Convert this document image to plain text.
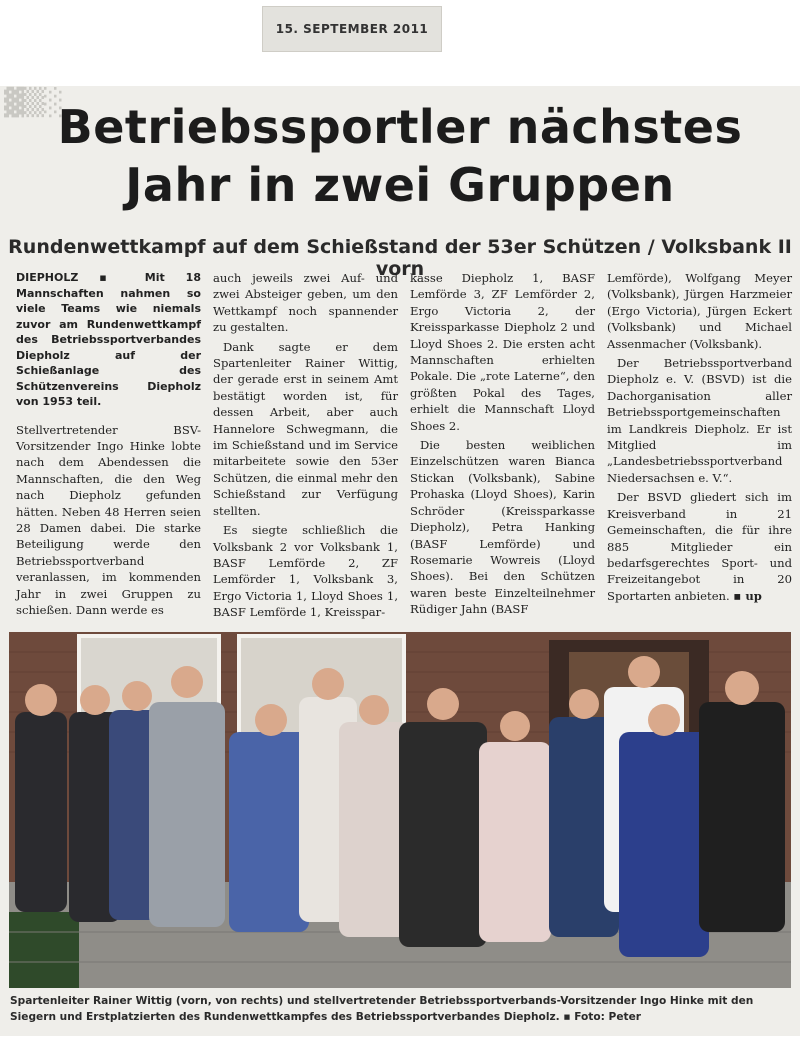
15. SEPTEMBER 2011
▓▒░
Betriebssportler nächstes
Jahr in zwei Gruppen
Rundenwettkampf auf dem Schießstand der 53er Schützen / Volksbank II vorn

DIEPHOLZ ▪ Mit 18 Mannschaften nahmen so viele Teams wie niemals zuvor am Rundenwettkampf des Betriebssportverbandes Diepholz auf der Schießanlage des Schützenvereins Diepholz von 1953 teil.

Stellvertretender BSV-Vorsitzender Ingo Hinke lobte nach dem Abendessen die Mannschaften, die den Weg nach Diepholz gefunden hätten. Neben 48 Herren seien 28 Damen dabei. Die starke Beteiligung werde den Betriebssportverband veranlassen, im kommenden Jahr in zwei Gruppen zu schießen. Dann werde es

auch jeweils zwei Auf- und zwei Absteiger geben, um den Wettkampf noch spannender zu gestalten.

Dank sagte er dem Spartenleiter Rainer Wittig, der gerade erst in seinem Amt bestätigt worden ist, für dessen Arbeit, aber auch Hannelore Schwegmann, die im Schießstand und im Service mitarbeitete sowie den 53er Schützen, die einmal mehr den Schießstand zur Verfügung stellten.

Es siegte schließlich die Volksbank 2 vor Volksbank 1, BASF Lemförde 2, ZF Lemförder 1, Volksbank 3, Ergo Victoria 1, Lloyd Shoes 1, BASF Lemförde 1, Kreisspar-

kasse Diepholz 1, BASF Lemförde 3, ZF Lemförder 2, Ergo Victoria 2, der Kreissparkasse Diepholz 2 und Lloyd Shoes 2. Die ersten acht Mannschaften erhielten Pokale. Die „rote Laterne“, den größten Pokal des Tages, erhielt die Mannschaft Lloyd Shoes 2.

Die besten weiblichen Einzelschützen waren Bianca Stickan (Volksbank), Sabine Prohaska (Lloyd Shoes), Karin Schröder (Kreissparkasse Diepholz), Petra Hanking (BASF Lemförde) und Rosemarie Wowreis (Lloyd Shoes). Bei den Schützen waren beste Einzelteilnehmer Rüdiger Jahn (BASF

Lemförde), Wolfgang Meyer (Volksbank), Jürgen Harzmeier (Ergo Victoria), Jürgen Eckert (Volksbank) und Michael Assenmacher (Volksbank).

Der Betriebssportverband Diepholz e. V. (BSVD) ist die Dachorganisation aller Betriebssportgemeinschaften im Landkreis Diepholz. Er ist Mitglied im „Landesbetriebssportverband Niedersachsen e. V.“.

Der BSVD gliedert sich im Kreisverband in 21 Gemeinschaften, die für ihre 885 Mitglieder ein bedarfsgerechtes Sport- und Freizeitangebot in 20 Sportarten anbieten. ▪ up

Spartenleiter Rainer Wittig (vorn, von rechts) und stellvertretender Betriebssportverbands-Vorsitzender Ingo Hinke mit den Siegern und Erstplatzierten des Rundenwettkampfes des Betriebssportverbandes Diepholz. ▪ Foto: Peter
